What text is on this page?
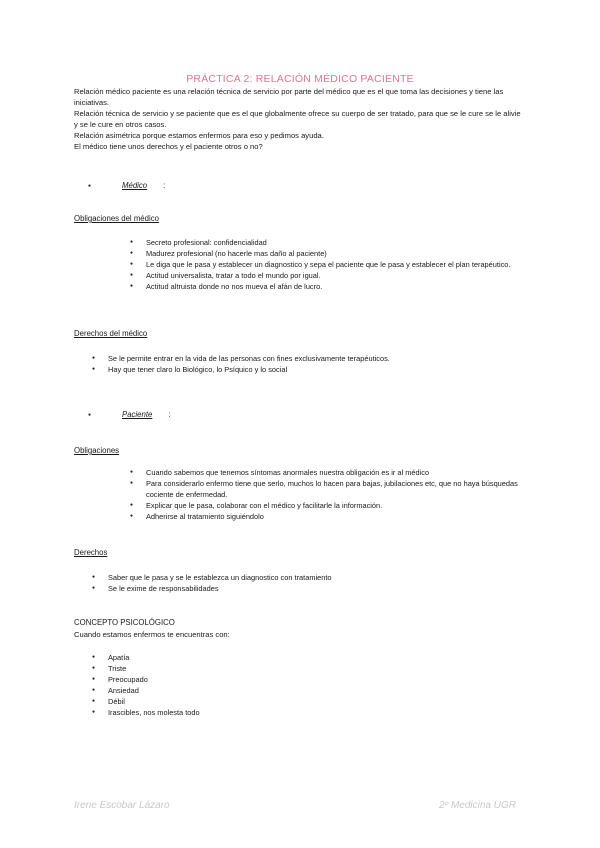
PRÁCTICA 2: RELACIÓN MÉDICO PACIENTE

Relación médico paciente es una relación técnica de servicio por parte del médico que es el que toma las decisiones y tiene las iniciativas.

Relación técnica de servicio y se paciente que es el que globalmente ofrece su cuerpo de ser tratado, para que se le cure se le alivie y se le cure en otros casos.

Relación asimétrica porque estamos enfermos para eso y pedimos ayuda.

El médico tiene unos derechos y el paciente otros o no?

● Médico :
Obligaciones del médico
● Secreto profesional: confidencialidad
● Madurez profesional (no hacerle mas daño al paciente)
● Le diga que le pasa y establecer un diagnostico y sepa el paciente que le pasa y establecer el plan terapéutico.
● Actitud universalista, tratar a todo el mundo por igual.
● Actitud altruista donde no nos mueva el afán de lucro.
Derechos del médico
● Se le permite entrar en la vida de las personas con fines exclusivamente terapéuticos.
● Hay que tener claro lo Biológico, lo Psíquico y lo social
● Paciente :
Obligaciones
● Cuando sabemos que tenemos síntomas anormales nuestra obligación es ir al médico
● Para considerarlo enfermo tiene que serlo, muchos lo hacen para bajas, jubilaciones etc, que no haya búsquedas cociente de enfermedad.
● Explicar que le pasa, colaborar con el médico y facilitarle la información.
● Adherirse al tratamiento siguiéndolo
Derechos
● Saber que le pasa y se le establezca un diagnostico con tratamiento
● Se le exime de responsabilidades
CONCEPTO PSICOLÓGICO
Cuando estamos enfermos te encuentras con:
● Apatía
● Triste
● Preocupado
● Ansiedad
● Débil
● Irascibles, nos molesta todo
Irene Escobar Lázaro	2º Medicina UGR
